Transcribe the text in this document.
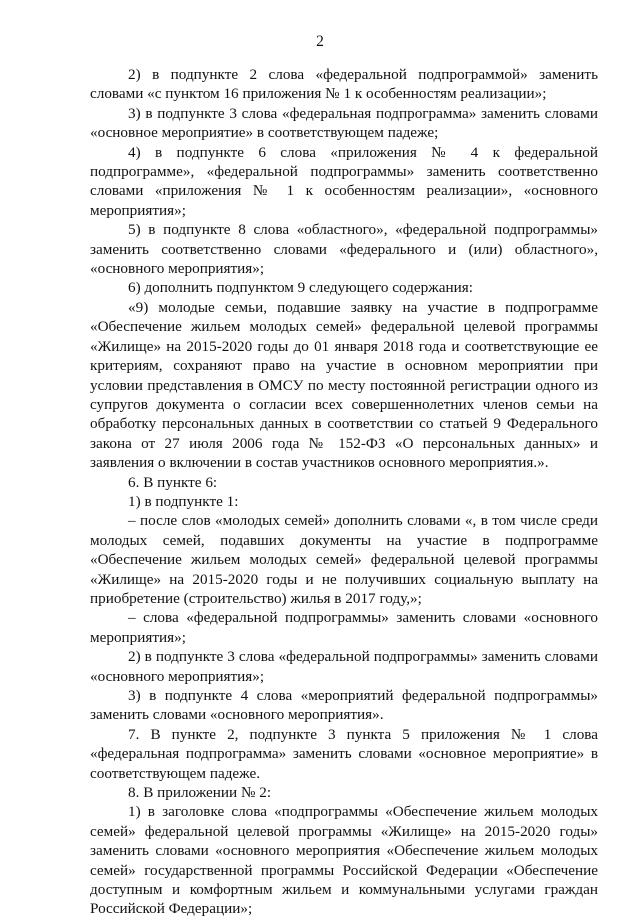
2

2) в подпункте 2 слова «федеральной подпрограммой» заменить словами «с пунктом 16 приложения № 1 к особенностям реализации»;

3) в подпункте 3 слова «федеральная подпрограмма» заменить словами «основное мероприятие» в соответствующем падеже;

4) в подпункте 6 слова «приложения № 4 к федеральной подпрограмме», «федеральной подпрограммы» заменить соответственно словами «приложения № 1 к особенностям реализации», «основного мероприятия»;

5) в подпункте 8 слова «областного», «федеральной подпрограммы» заменить соответственно словами «федерального и (или) областного», «основного мероприятия»;

6) дополнить подпунктом 9 следующего содержания:

«9) молодые семьи, подавшие заявку на участие в подпрограмме «Обеспечение жильем молодых семей» федеральной целевой программы «Жилище» на 2015-2020 годы до 01 января 2018 года и соответствующие ее критериям, сохраняют право на участие в основном мероприятии при условии представления в ОМСУ по месту постоянной регистрации одного из супругов документа о согласии всех совершеннолетних членов семьи на обработку персональных данных в соответствии со статьей 9 Федерального закона от 27 июля 2006 года № 152-ФЗ «О персональных данных» и заявления о включении в состав участников основного мероприятия.».

6. В пункте 6:

1) в подпункте 1:

– после слов «молодых семей» дополнить словами «, в том числе среди молодых семей, подавших документы на участие в подпрограмме «Обеспечение жильем молодых семей» федеральной целевой программы «Жилище» на 2015-2020 годы и не получивших социальную выплату на приобретение (строительство) жилья в 2017 году,»;

– слова «федеральной подпрограммы» заменить словами «основного мероприятия»;

2) в подпункте 3 слова «федеральной подпрограммы» заменить словами «основного мероприятия»;

3) в подпункте 4 слова «мероприятий федеральной подпрограммы» заменить словами «основного мероприятия».

7. В пункте 2, подпункте 3 пункта 5 приложения № 1 слова «федеральная подпрограмма» заменить словами «основное мероприятие» в соответствующем падеже.

8. В приложении № 2:

1) в заголовке слова «подпрограммы «Обеспечение жильем молодых семей» федеральной целевой программы «Жилище» на 2015-2020 годы» заменить словами «основного мероприятия «Обеспечение жильем молодых семей» государственной программы Российской Федерации «Обеспечение доступным и комфортным жильем и коммунальными услугами граждан Российской Федерации»;
